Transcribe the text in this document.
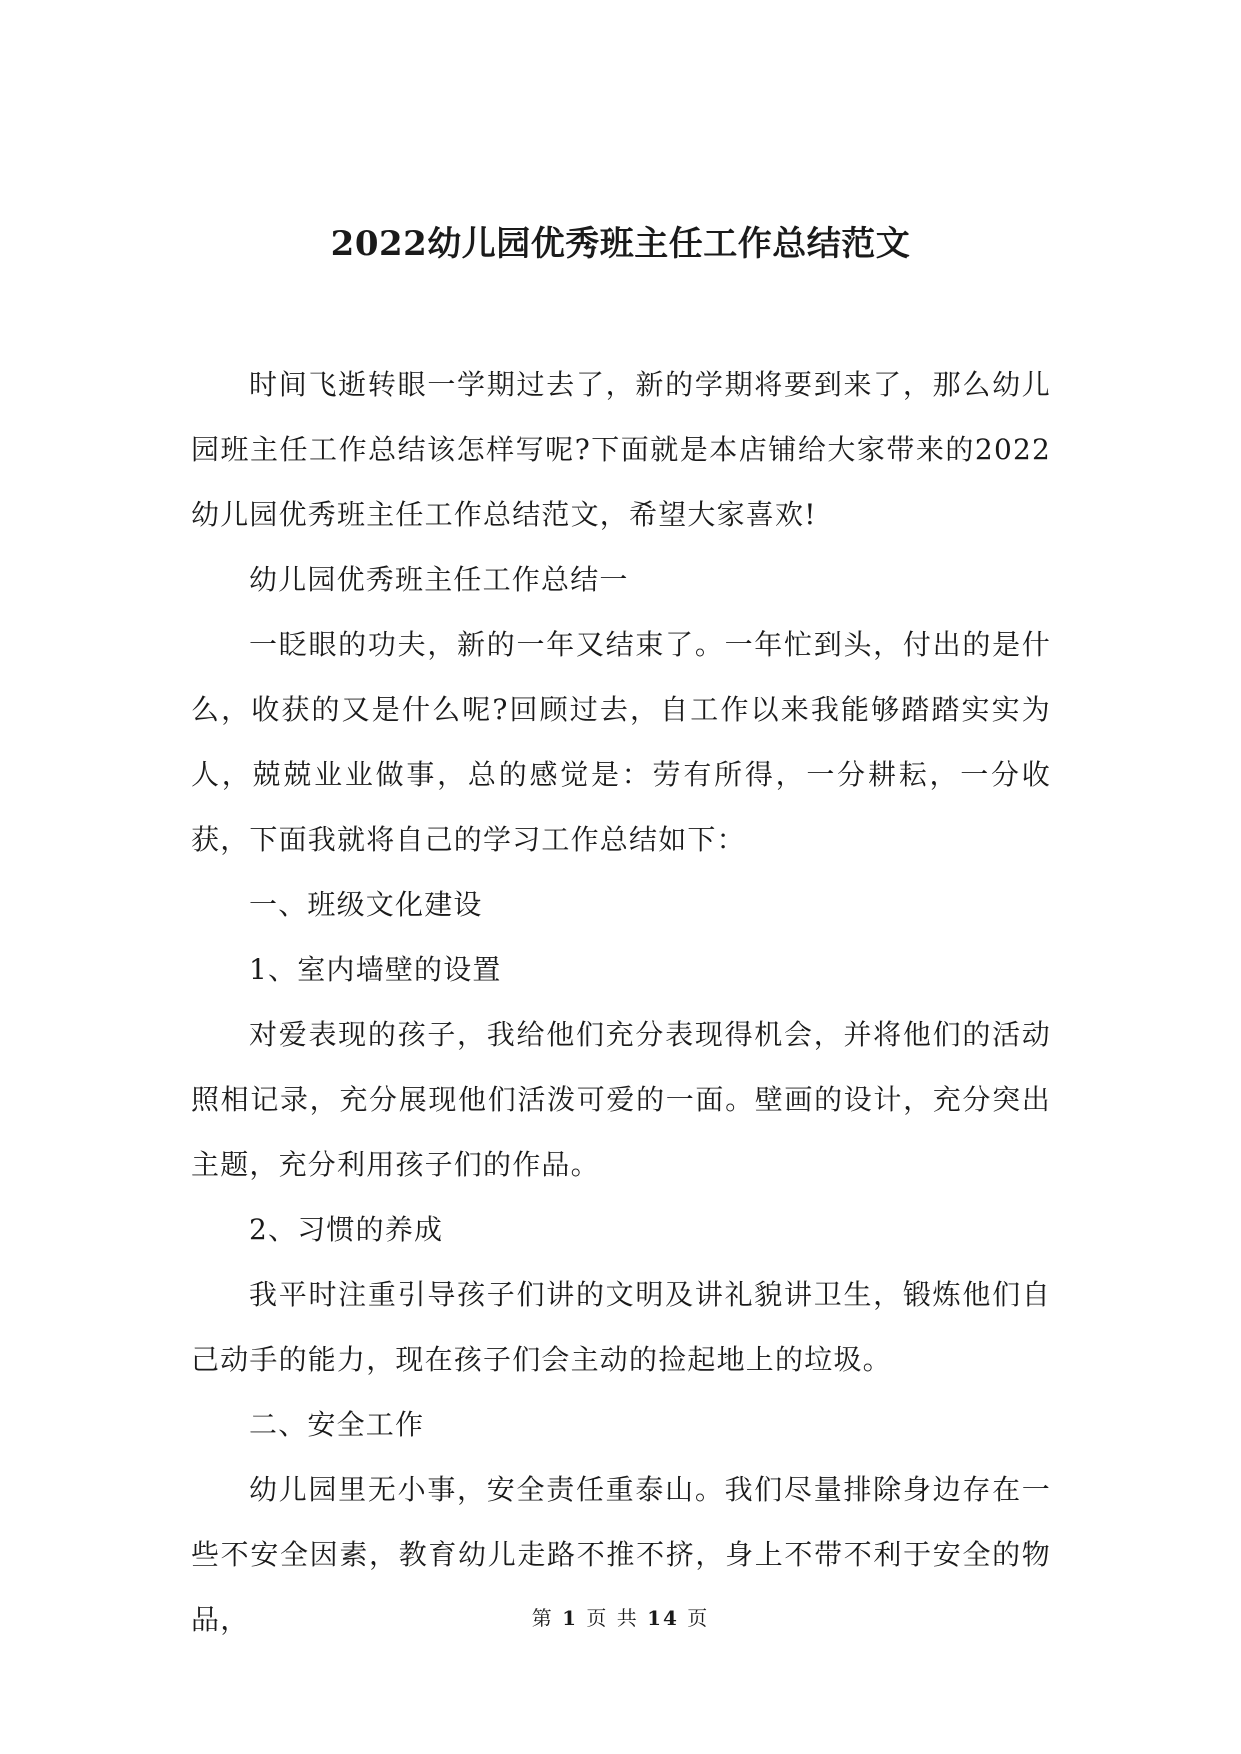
2022幼儿园优秀班主任工作总结范文

时间飞逝转眼一学期过去了，新的学期将要到来了，那么幼儿园班主任工作总结该怎样写呢?下面就是本店铺给大家带来的2022幼儿园优秀班主任工作总结范文，希望大家喜欢!

幼儿园优秀班主任工作总结一

一眨眼的功夫，新的一年又结束了。一年忙到头，付出的是什么，收获的又是什么呢?回顾过去，自工作以来我能够踏踏实实为人，兢兢业业做事，总的感觉是：劳有所得，一分耕耘，一分收获，下面我就将自己的学习工作总结如下：

一、班级文化建设

1、室内墙壁的设置

对爱表现的孩子，我给他们充分表现得机会，并将他们的活动照相记录，充分展现他们活泼可爱的一面。壁画的设计，充分突出主题，充分利用孩子们的作品。

2、习惯的养成

我平时注重引导孩子们讲的文明及讲礼貌讲卫生，锻炼他们自己动手的能力，现在孩子们会主动的捡起地上的垃圾。

二、安全工作

幼儿园里无小事，安全责任重泰山。我们尽量排除身边存在一些不安全因素，教育幼儿走路不推不挤，身上不带不利于安全的物品，	第 1 页 共 14 页
